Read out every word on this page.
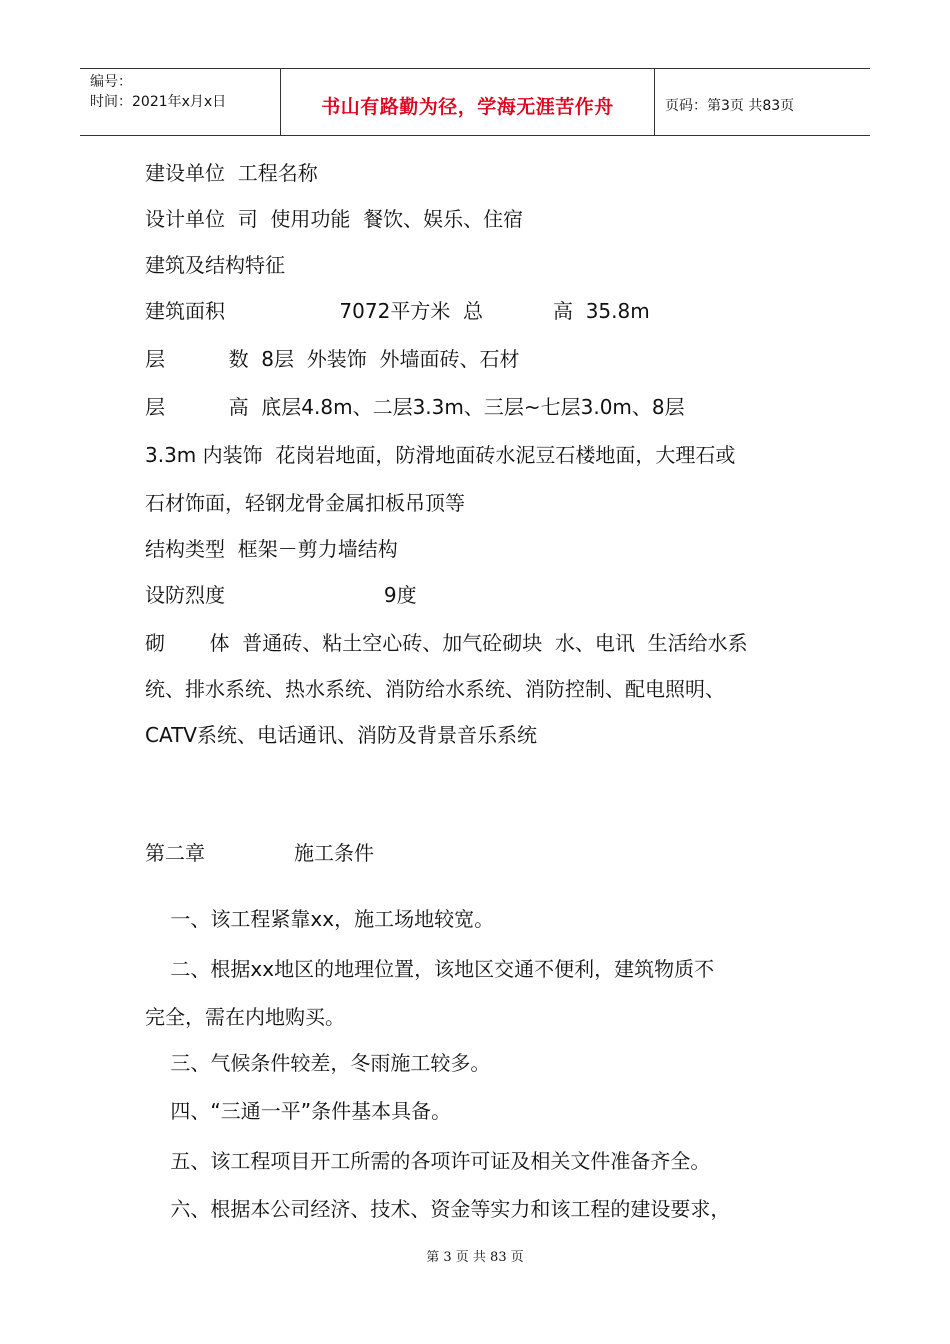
编号：
时间：2021年x月x日	书山有路勤为径，学海无涯苦作舟	页码：第3页 共83页
建设单位  工程名称
设计单位  司  使用功能  餐饮、娱乐、住宿
建筑及结构特征
建筑面积                  7072平方米  总           高  35.8m
层          数  8层  外装饰  外墙面砖、石材
层          高  底层4.8m、二层3.3m、三层~七层3.0m、8层
3.3m 内装饰  花岗岩地面，防滑地面砖水泥豆石楼地面，大理石或
石材饰面，轻钢龙骨金属扣板吊顶等
结构类型  框架－剪力墙结构
设防烈度                         9度
砌       体  普通砖、粘土空心砖、加气砼砌块  水、电讯  生活给水系
统、排水系统、热水系统、消防给水系统、消防控制、配电照明、
CATV系统、电话通讯、消防及背景音乐系统
第二章              施工条件
一、该工程紧靠xx，施工场地较宽。
二、根据xx地区的地理位置，该地区交通不便利，建筑物质不
完全，需在内地购买。
三、气候条件较差，冬雨施工较多。
四、“三通一平”条件基本具备。
五、该工程项目开工所需的各项许可证及相关文件准备齐全。
六、根据本公司经济、技术、资金等实力和该工程的建设要求，
第 3 页 共 83 页
